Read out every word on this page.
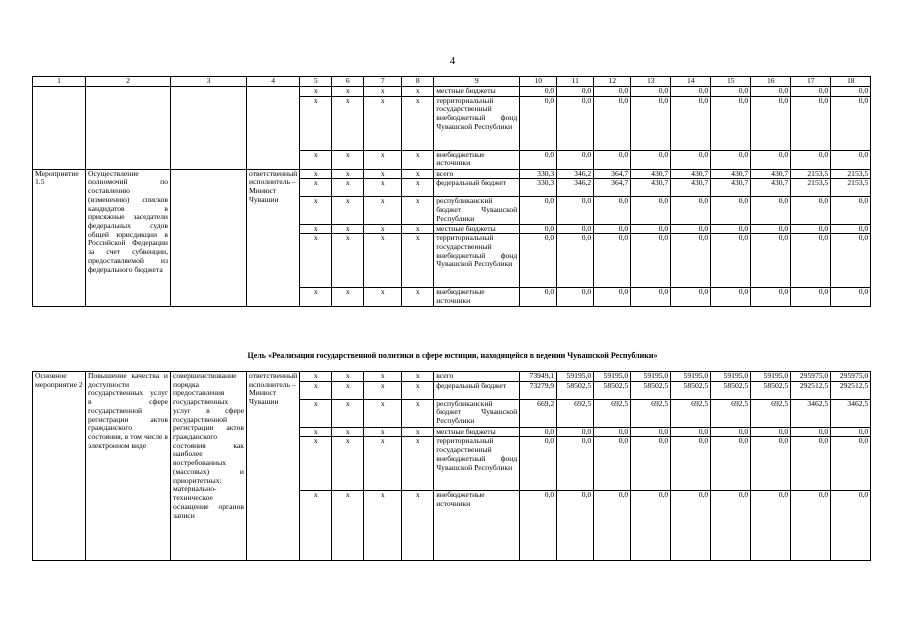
4
1	2	3	4	5	6	7	8	9	10	11	12	13	14	15	16	17	18
				x	x	x	x	местные бюджеты	0,0	0,0	0,0	0,0	0,0	0,0	0,0	0,0	0,0
				x	x	x	x	территориальный государственный внебюджетный фонд Чувашской Республики	0,0	0,0	0,0	0,0	0,0	0,0	0,0	0,0	0,0
				x	x	x	x	внебюджетные источники	0,0	0,0	0,0	0,0	0,0	0,0	0,0	0,0	0,0
Мероприятие 1.5	Осуществление полномочий по составлению (изменению) списков кандидатов в присяжные заседатели федеральных судов общей юрисдикции в Российской Федерации за счет субвенции, предоставляемой из федерального бюджета		ответственный исполнитель – Минюст Чувашии	x	x	x	x	всего	330,3	346,2	364,7	430,7	430,7	430,7	430,7	2153,5	2153,5
				x	x	x	x	федеральный бюджет	330,3	346,2	364,7	430,7	430,7	430,7	430,7	2153,5	2153,5
				x	x	x	x	республиканский бюджет Чувашской Республики	0,0	0,0	0,0	0,0	0,0	0,0	0,0	0,0	0,0
				x	x	x	x	местные бюджеты	0,0	0,0	0,0	0,0	0,0	0,0	0,0	0,0	0,0
				x	x	x	x	территориальный государственный внебюджетный фонд Чувашской Республики	0,0	0,0	0,0	0,0	0,0	0,0	0,0	0,0	0,0
				x	x	x	x	внебюджетные источники	0,0	0,0	0,0	0,0	0,0	0,0	0,0	0,0	0,0
Цель «Реализация государственной политики в сфере юстиции, находящейся в ведении Чувашской Республики»
Основное мероприятие 2	Повышение качества и доступности государственных услуг в сфере государственной регистрации актов гражданского состояния, в том числе в электронном виде	совершенствование порядка предоставления государственных услуг в сфере государственной регистрации актов гражданского состояния как наиболее востребованных (массовых) и приоритетных: материально-техническое оснащение органов записи	ответственный исполнитель – Минюст Чувашии	x	x	x	x	всего	73949,1	59195,0	59195,0	59195,0	59195,0	59195,0	59195,0	295975,0	295975,0
				x	x	x	x	федеральный бюджет	73279,9	58502,5	58502,5	58502,5	58502,5	58502,5	58502,5	292512,5	292512,5
				x	x	x	x	республиканский бюджет Чувашской Республики	669,2	692,5	692,5	692,5	692,5	692,5	692,5	3462,5	3462,5
				x	x	x	x	местные бюджеты	0,0	0,0	0,0	0,0	0,0	0,0	0,0	0,0	0,0
				x	x	x	x	территориальный государственный внебюджетный фонд Чувашской Республики	0,0	0,0	0,0	0,0	0,0	0,0	0,0	0,0	0,0
				x	x	x	x	внебюджетные источники	0,0	0,0	0,0	0,0	0,0	0,0	0,0	0,0	0,0
